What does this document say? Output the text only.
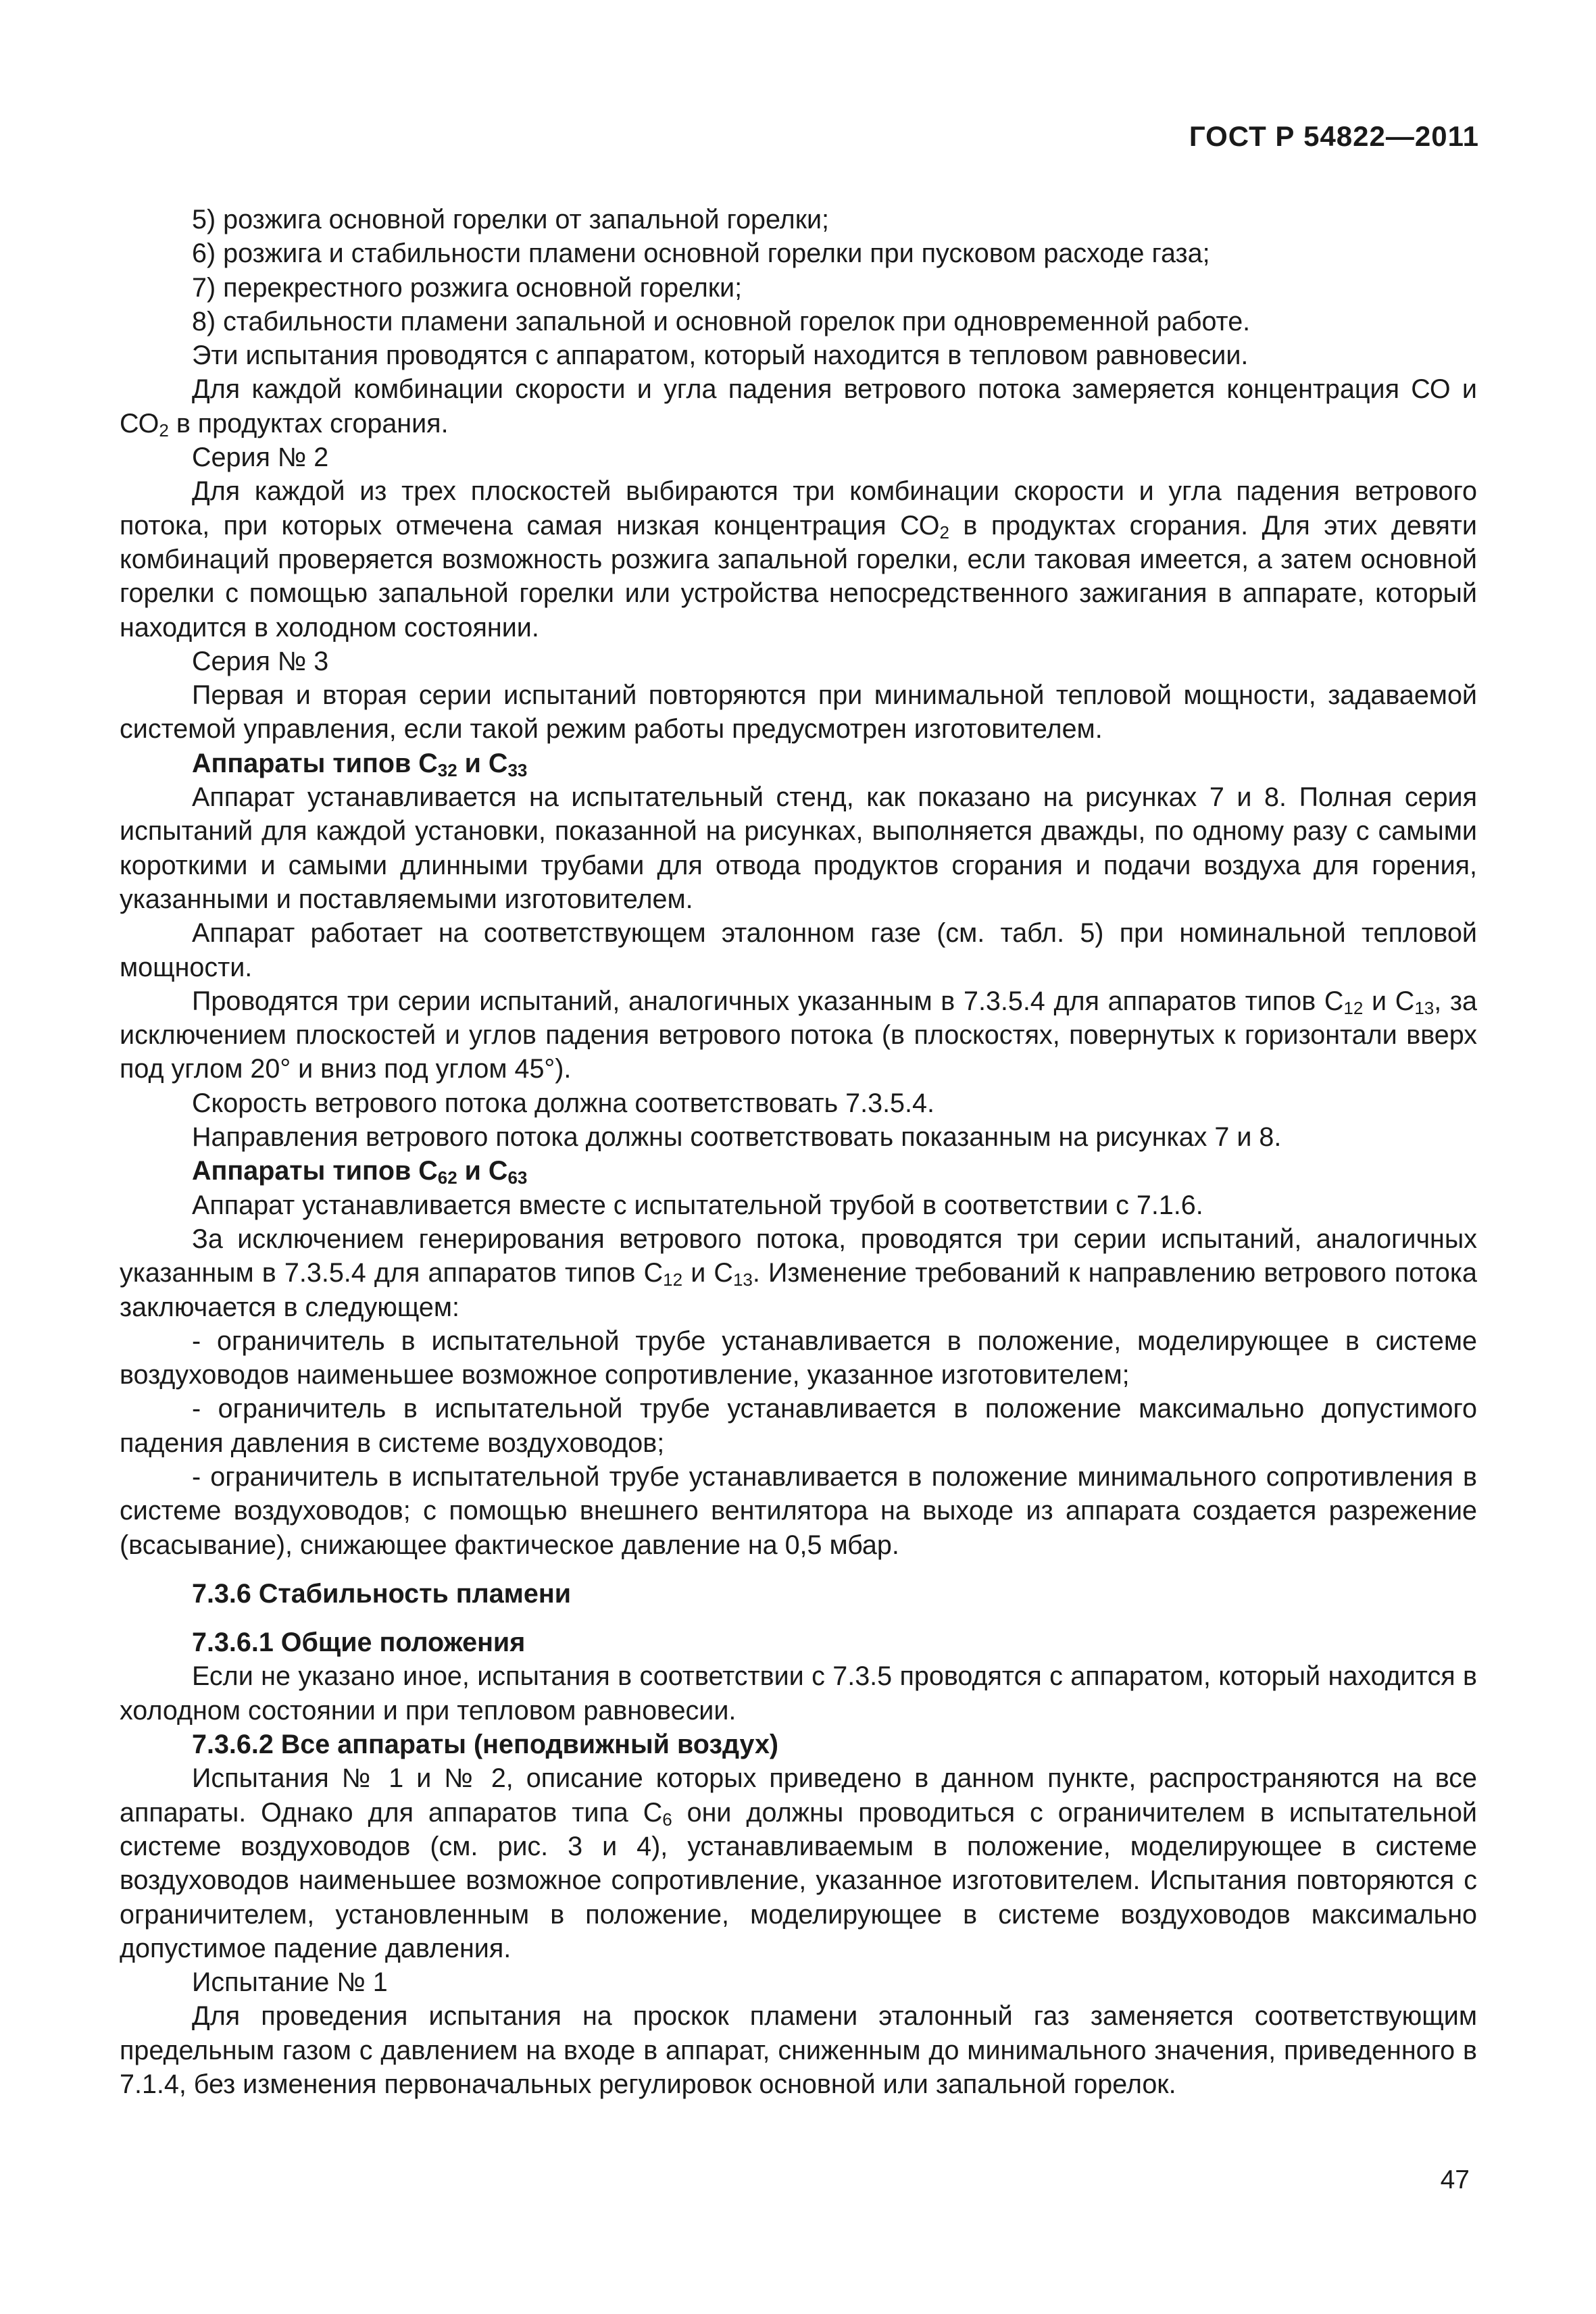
ГОСТ Р 54822—2011

5) розжига основной горелки от запальной горелки;

6) розжига и стабильности пламени основной горелки при пусковом расходе газа;

7) перекрестного розжига основной горелки;

8) стабильности пламени запальной и основной горелок при одновременной работе.

Эти испытания проводятся с аппаратом, который находится в тепловом равновесии.

Для каждой комбинации скорости и угла падения ветрового потока замеряется концентрация СО и $СО_2$ в продуктах сгорания.

Серия № 2

Для каждой из трех плоскостей выбираются три комбинации скорости и угла падения ветрового потока, при которых отмечена самая низкая концентрация $СО_2$ в продуктах сгорания. Для этих девяти комбинаций проверяется возможность розжига запальной горелки, если таковая имеется, а затем основной горелки с помощью запальной горелки или устройства непосредственного зажигания в аппарате, который находится в холодном состоянии.

Серия № 3

Первая и вторая серии испытаний повторяются при минимальной тепловой мощности, задаваемой системой управления, если такой режим работы предусмотрен изготовителем.

Аппараты типов $С_{32}$ и $С_{33}$

Аппарат устанавливается на испытательный стенд, как показано на рисунках 7 и 8. Полная серия испытаний для каждой установки, показанной на рисунках, выполняется дважды, по одному разу с самыми короткими и самыми длинными трубами для отвода продуктов сгорания и подачи воздуха для горения, указанными и поставляемыми изготовителем.

Аппарат работает на соответствующем эталонном газе (см. табл. 5) при номинальной тепловой мощности.

Проводятся три серии испытаний, аналогичных указанным в 7.3.5.4 для аппаратов типов $С_{12}$ и $С_{13}$, за исключением плоскостей и углов падения ветрового потока (в плоскостях, повернутых к горизонтали вверх под углом 20° и вниз под углом 45°).

Скорость ветрового потока должна соответствовать 7.3.5.4.

Направления ветрового потока должны соответствовать показанным на рисунках 7 и 8.

Аппараты типов $С_{62}$ и $С_{63}$

Аппарат устанавливается вместе с испытательной трубой в соответствии с 7.1.6.

За исключением генерирования ветрового потока, проводятся три серии испытаний, аналогичных указанным в 7.3.5.4 для аппаратов типов $С_{12}$ и $С_{13}$. Изменение требований к направлению ветрового потока заключается в следующем:

- ограничитель в испытательной трубе устанавливается в положение, моделирующее в системе воздуховодов наименьшее возможное сопротивление, указанное изготовителем;

- ограничитель в испытательной трубе устанавливается в положение максимально допустимого падения давления в системе воздуховодов;

- ограничитель в испытательной трубе устанавливается в положение минимального сопротивления в системе воздуховодов; с помощью внешнего вентилятора на выходе из аппарата создается разрежение (всасывание), снижающее фактическое давление на 0,5 мбар.

7.3.6 Стабильность пламени

7.3.6.1 Общие положения

Если не указано иное, испытания в соответствии с 7.3.5 проводятся с аппаратом, который находится в холодном состоянии и при тепловом равновесии.

7.3.6.2 Все аппараты (неподвижный воздух)

Испытания № 1 и № 2, описание которых приведено в данном пункте, распространяются на все аппараты. Однако для аппаратов типа $С_6$ они должны проводиться с ограничителем в испытательной системе воздуховодов (см. рис. 3 и 4), устанавливаемым в положение, моделирующее в системе воздуховодов наименьшее возможное сопротивление, указанное изготовителем. Испытания повторяются с ограничителем, установленным в положение, моделирующее в системе воздуховодов максимально допустимое падение давления.

Испытание № 1

Для проведения испытания на проскок пламени эталонный газ заменяется соответствующим предельным газом с давлением на входе в аппарат, сниженным до минимального значения, приведенного в 7.1.4, без изменения первоначальных регулировок основной или запальной горелок.

47
